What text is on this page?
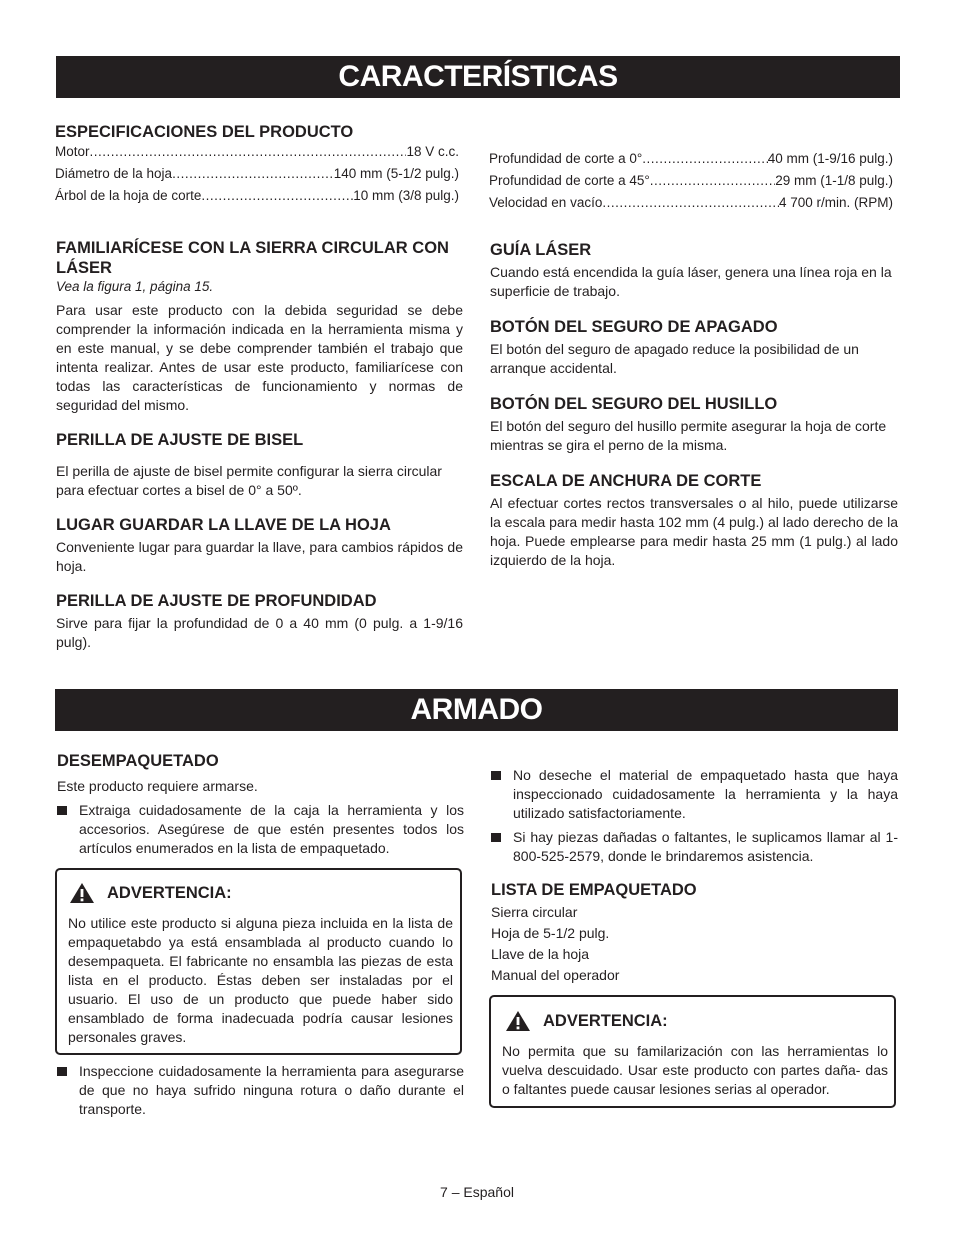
CARACTERÍSTICAS

ESPECIFICACIONES DEL PRODUCTO

Motor .....	18 V c.c.
Diámetro de la hoja .....	140 mm (5-1/2 pulg.)
Árbol de la hoja de corte .....	10 mm (3/8 pulg.)
Profundidad de corte a 0° .....	40 mm (1-9/16 pulg.)
Profundidad de corte a 45° .....	29 mm (1-1/8 pulg.)
Velocidad en vacío .....	4 700 r/min. (RPM)

FAMILIARÍCESE CON LA SIERRA CIRCULAR CON LÁSER

Vea la figura 1, página 15.

Para usar este producto con la debida seguridad se debe comprender la información indicada en la herramienta misma y en este manual, y se debe comprender también el trabajo que intenta realizar. Antes de usar este producto, familiarícese con todas las características de funcionamiento y normas de seguridad del mismo.

PERILLA DE AJUSTE DE BISEL

El perilla de ajuste de bisel permite configurar la sierra circular para efectuar cortes a bisel de 0° a 50º.

LUGAR GUARDAR LA LLAVE DE LA HOJA

Conveniente lugar para guardar la llave, para cambios rápidos de hoja.

PERILLA DE AJUSTE DE PROFUNDIDAD

Sirve para fijar la profundidad de 0 a 40 mm (0 pulg. a 1-9/16 pulg).

GUÍA LÁSER

Cuando está encendida la guía láser, genera una línea roja en la superficie de trabajo.

BOTÓN DEL SEGURO DE APAGADO

El botón del seguro de apagado reduce la posibilidad de un arranque accidental.

BOTÓN DEL SEGURO DEL HUSILLO

El botón del seguro del husillo permite asegurar la hoja de corte mientras se gira el perno de la misma.

ESCALA DE ANCHURA DE CORTE

Al efectuar cortes rectos transversales o al hilo, puede utilizarse la escala para medir hasta 102 mm (4 pulg.) al lado derecho de la hoja. Puede emplearse para medir hasta 25 mm (1 pulg.) al lado izquierdo de la hoja.

ARMADO

DESEMPAQUETADO

Este producto requiere armarse.

Extraiga cuidadosamente de la caja la herramienta y los accesorios. Asegúrese de que estén presentes todos los artículos enumerados en la lista de empaquetado.
ADVERTENCIA:

No utilice este producto si alguna pieza incluida en la lista de empaquetabdo ya está ensamblada al producto cuando lo desempaqueta. El fabricante no ensambla las piezas de esta lista en el producto. Éstas deben ser instaladas por el usuario. El uso de un producto que puede haber sido ensamblado de forma inadecuada podría causar lesiones personales graves.

Inspeccione cuidadosamente la herramienta para asegurarse de que no haya sufrido ninguna rotura o daño durante el transporte.
No deseche el material de empaquetado hasta que haya inspeccionado cuidadosamente la herramienta y la haya utilizado satisfactoriamente.
Si hay piezas dañadas o faltantes, le suplicamos llamar al 1-800-525-2579, donde le brindaremos asistencia.

LISTA DE EMPAQUETADO

Sierra circular
Hoja de 5-1/2 pulg.
Llave de la hoja
Manual del operador
ADVERTENCIA:

No permita que su familarización con las herramientas lo vuelva descuidado. Usar este producto con partes daña- das o faltantes puede causar lesiones serias al operador.

7 – Español
